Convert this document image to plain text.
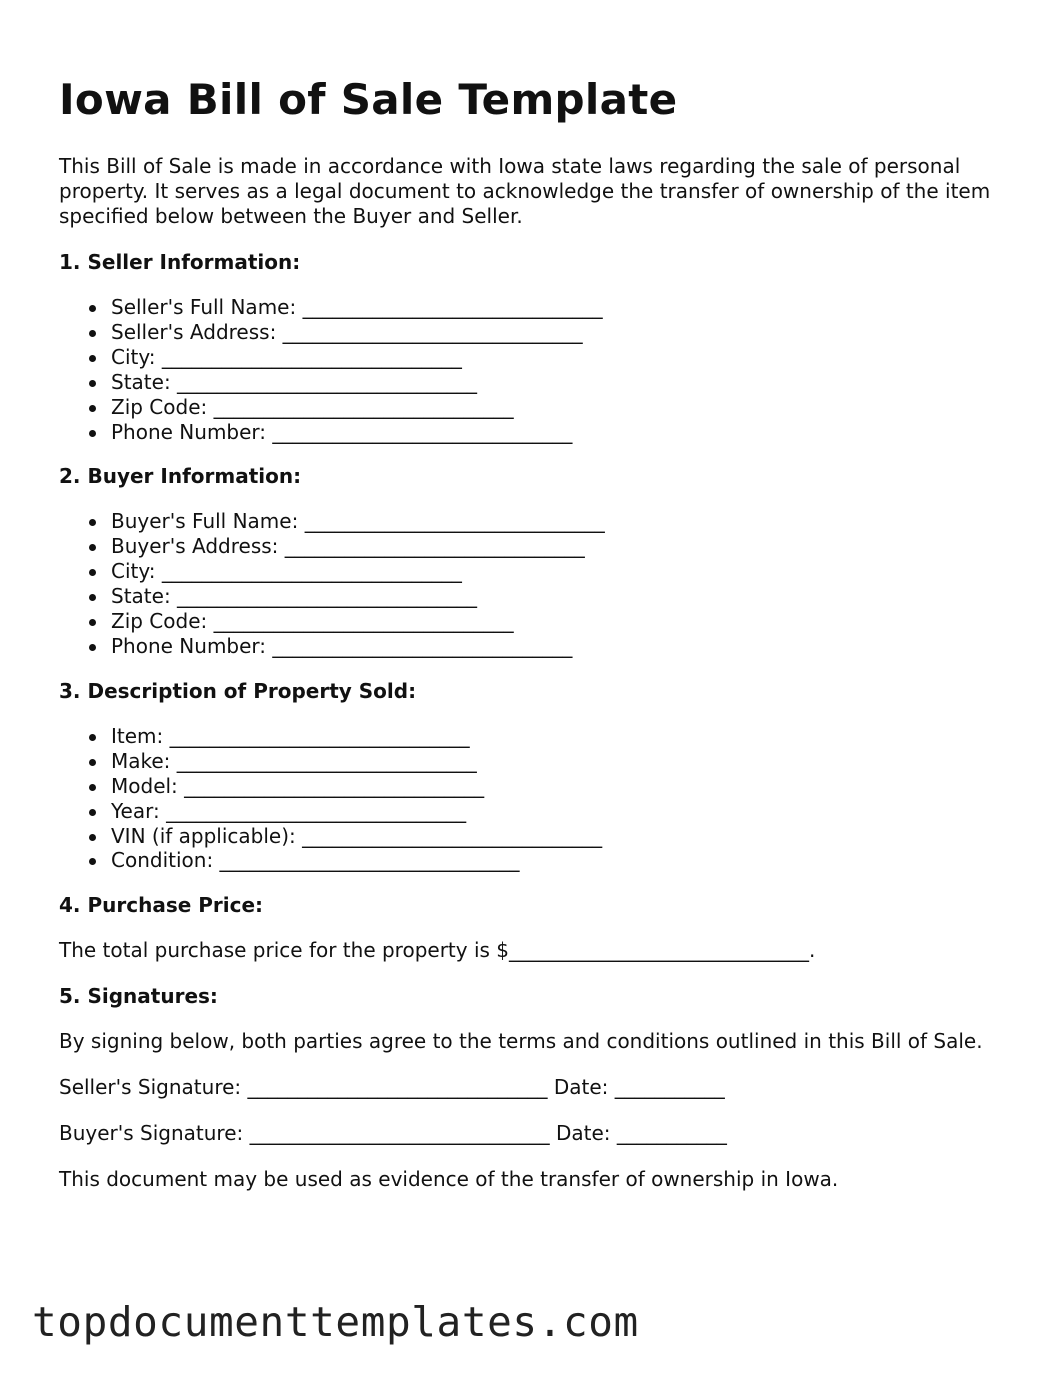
Iowa Bill of Sale Template

This Bill of Sale is made in accordance with Iowa state laws regarding the sale of personal property. It serves as a legal document to acknowledge the transfer of ownership of the item specified below between the Buyer and Seller.

1. Seller Information:
Seller's Full Name: ______________________________
Seller's Address: ______________________________
City: ______________________________
State: ______________________________
Zip Code: ______________________________
Phone Number: ______________________________
2. Buyer Information:
Buyer's Full Name: ______________________________
Buyer's Address: ______________________________
City: ______________________________
State: ______________________________
Zip Code: ______________________________
Phone Number: ______________________________
3. Description of Property Sold:
Item: ______________________________
Make: ______________________________
Model: ______________________________
Year: ______________________________
VIN (if applicable): ______________________________
Condition: ______________________________
4. Purchase Price:

The total purchase price for the property is $______________________________.

5. Signatures:

By signing below, both parties agree to the terms and conditions outlined in this Bill of Sale.

Seller's Signature: ______________________________ Date: ___________

Buyer's Signature: ______________________________ Date: ___________

This document may be used as evidence of the transfer of ownership in Iowa.

topdocumenttemplates.com
